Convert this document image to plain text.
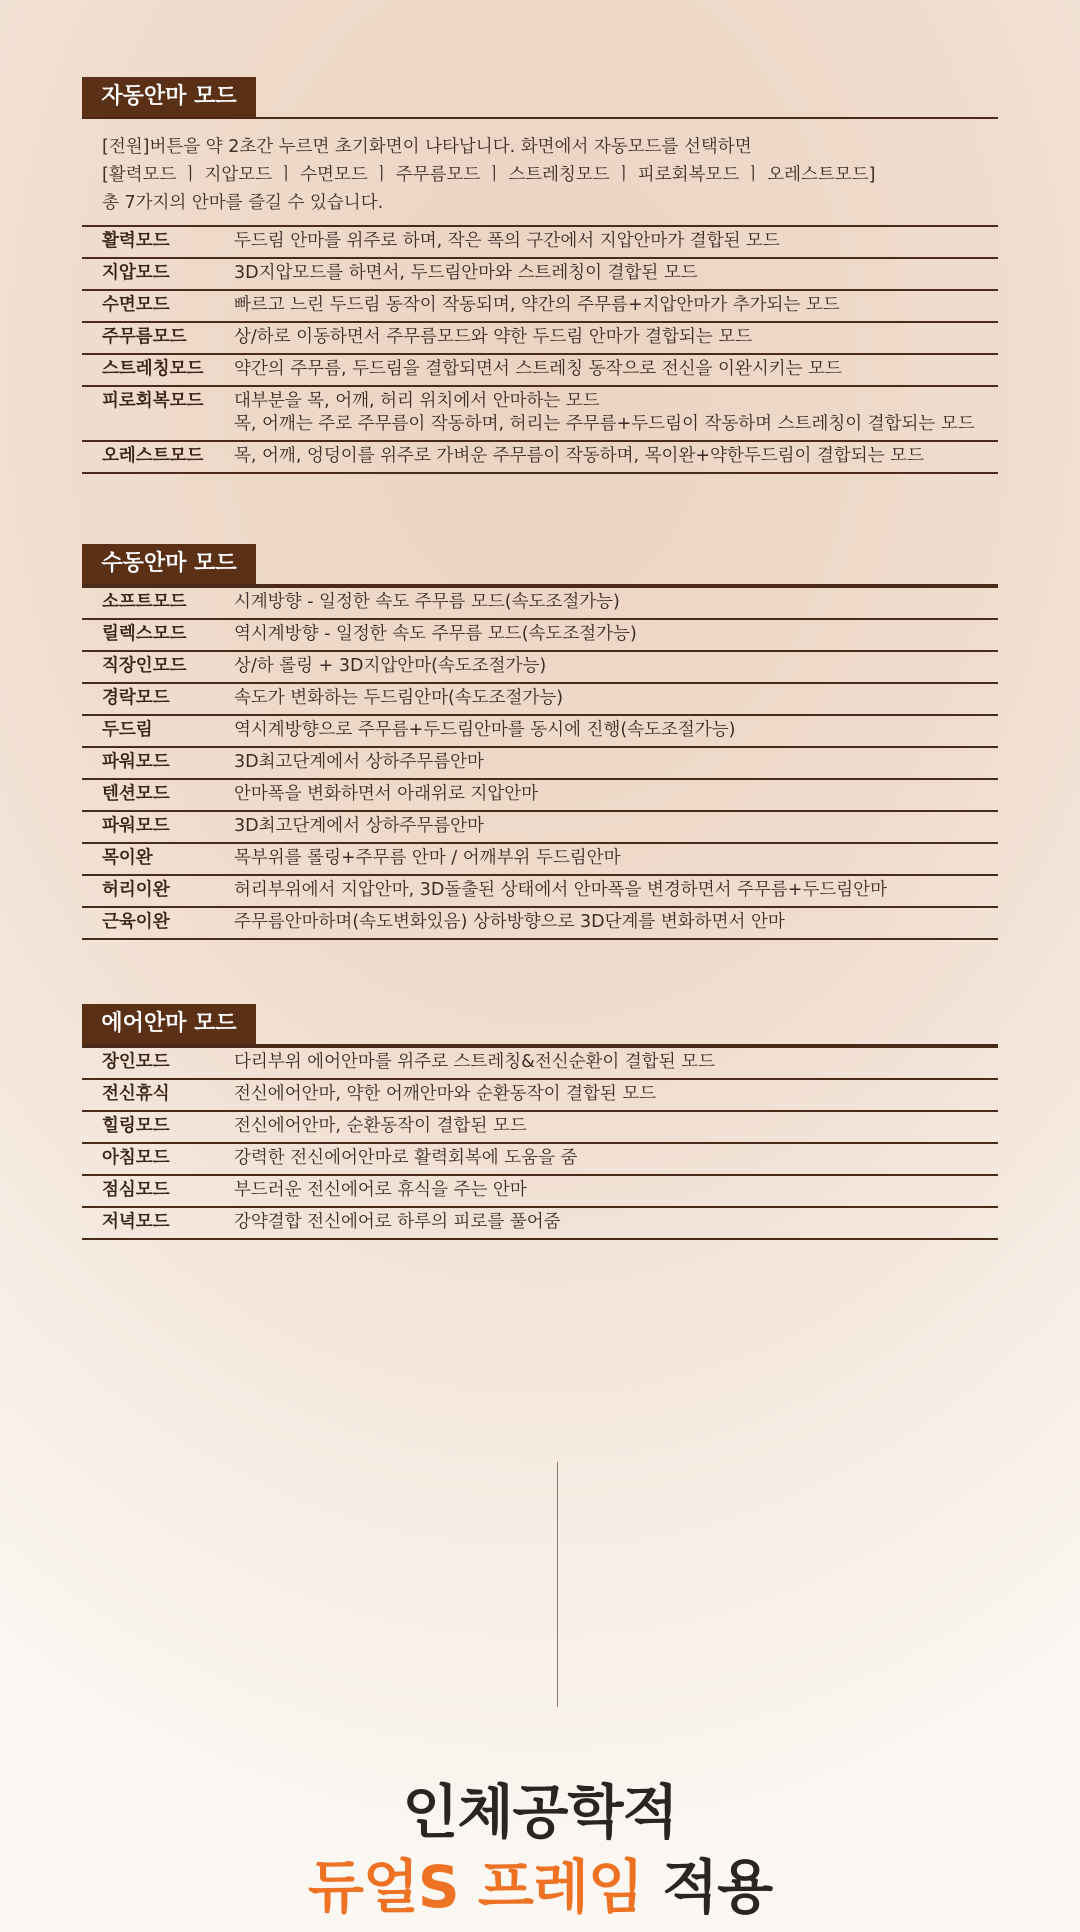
자동안마 모드
[전원]버튼을 약 2초간 누르면 초기화면이 나타납니다. 화면에서 자동모드를 선택하면
[활력모드 ㅣ 지압모드 ㅣ 수면모드 ㅣ 주무름모드 ㅣ 스트레칭모드 ㅣ 피로회복모드 ㅣ 오레스트모드]
총 7가지의 안마를 즐길 수 있습니다.
활력모드	두드림 안마를 위주로 하며, 작은 폭의 구간에서 지압안마가 결합된 모드

지압모드	3D지압모드를 하면서, 두드림안마와 스트레칭이 결합된 모드

수면모드	빠르고 느린 두드림 동작이 작동되며, 약간의 주무름+지압안마가 추가되는 모드

주무름모드	상/하로 이동하면서 주무름모드와 약한 두드림 안마가 결합되는 모드

스트레칭모드	약간의 주무름, 두드림을 결합되면서 스트레칭 동작으로 전신을 이완시키는 모드

피로회복모드	대부분을 목, 어깨, 허리 위치에서 안마하는 모드
목, 어깨는 주로 주무름이 작동하며, 허리는 주무름+두드림이 작동하며 스트레칭이 결합되는 모드

오레스트모드	목, 어깨, 엉덩이를 위주로 가벼운 주무름이 작동하며, 목이완+약한두드림이 결합되는 모드
수동안마 모드
소프트모드	시계방향 - 일정한 속도 주무름 모드(속도조절가능)

릴렉스모드	역시계방향 - 일정한 속도 주무름 모드(속도조절가능)

직장인모드	상/하 롤링 + 3D지압안마(속도조절가능)

경락모드	속도가 변화하는 두드림안마(속도조절가능)

두드림	역시계방향으로 주무름+두드림안마를 동시에 진행(속도조절가능)

파워모드	3D최고단계에서 상하주무름안마

텐션모드	안마폭을 변화하면서 아래위로 지압안마

파워모드	3D최고단계에서 상하주무름안마

목이완	목부위를 롤링+주무름 안마 / 어깨부위 두드림안마

허리이완	허리부위에서 지압안마, 3D돌출된 상태에서 안마폭을 변경하면서 주무름+두드림안마

근육이완	주무름안마하며(속도변화있음) 상하방향으로 3D단계를 변화하면서 안마
에어안마 모드
장인모드	다리부위 에어안마를 위주로 스트레칭&전신순환이 결합된 모드

전신휴식	전신에어안마, 약한 어깨안마와 순환동작이 결합된 모드

힐링모드	전신에어안마, 순환동작이 결합된 모드

아침모드	강력한 전신에어안마로 활력회복에 도움을 줌

점심모드	부드러운 전신에어로 휴식을 주는 안마

저녁모드	강약결합 전신에어로 하루의 피로를 풀어줌
인체공학적
듀얼S 프레임 적용
